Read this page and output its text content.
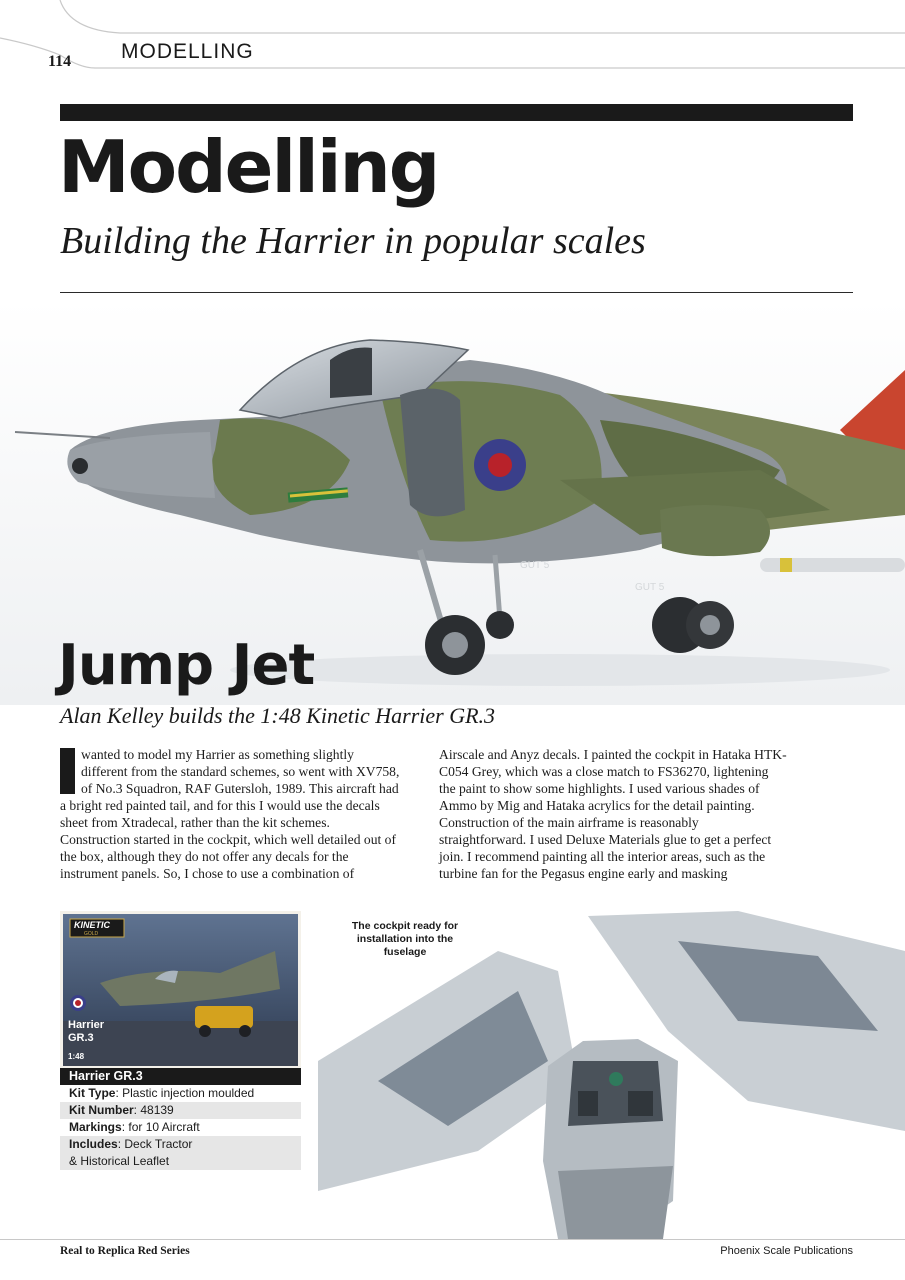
114 MODELLING
Modelling
Building the Harrier in popular scales
GUT 5
GUT 5
Jump Jet
Alan Kelley builds the 1:48 Kinetic Harrier GR.3

wanted to model my Harrier as something slightly different from the standard schemes, so went with XV758, of No.3 Squadron, RAF Gutersloh, 1989. This aircraft had a bright red painted tail, and for this I would use the decals sheet from Xtradecal, rather than the kit schemes. Construction started in the cockpit, which well detailed out of the box, although they do not offer any decals for the instrument panels. So, I chose to use a combination of

Airscale and Anyz decals. I painted the cockpit in Hataka HTK-C054 Grey, which was a close match to FS36270, lightening the paint to show some highlights. I used various shades of Ammo by Mig and Hataka acrylics for the detail painting. Construction of the main airframe is reasonably straightforward. I used Deluxe Materials glue to get a perfect join. I recommend painting all the interior areas, such as the turbine fan for the Pegasus engine early and masking

KINETIC
GOLD
Harrier
GR.3
1:48
Harrier GR.3
Kit Type: Plastic injection moulded
Kit Number: 48139
Markings: for 10 Aircraft
Includes: Deck Tractor
& Historical Leaflet
The cockpit ready for installation into the fuselage
Real to Replica Red Series	Phoenix Scale Publications
